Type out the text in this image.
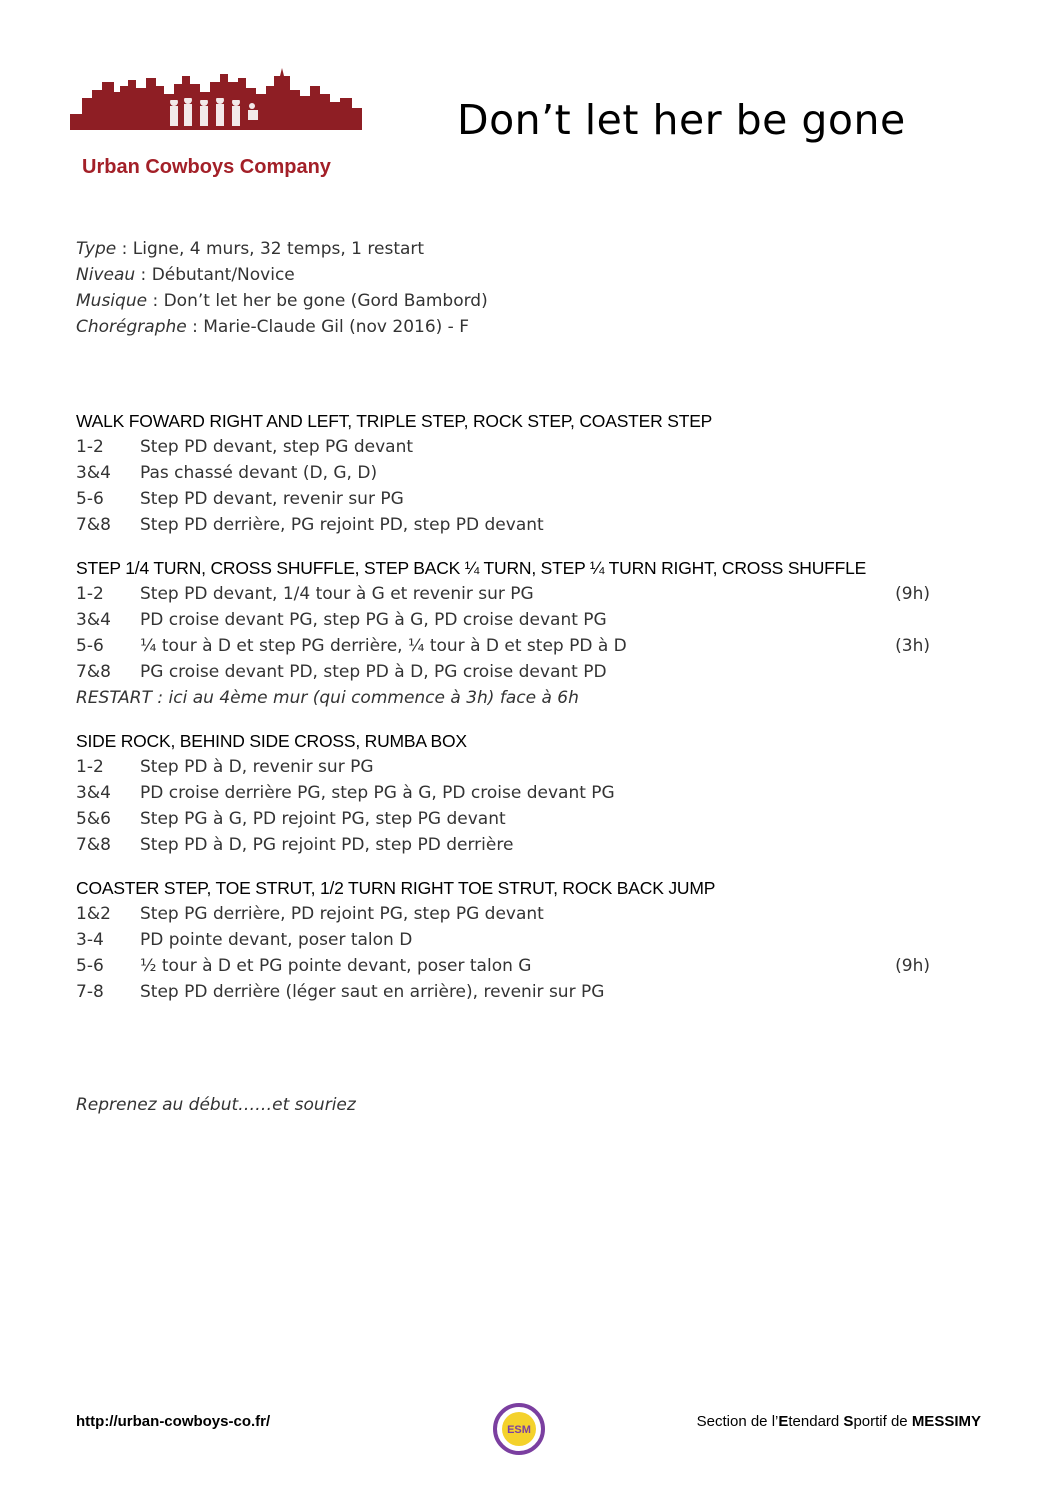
Urban Cowboys Company
Don’t let her be gone
Type : Ligne, 4 murs, 32 temps, 1 restart
Niveau : Débutant/Novice
Musique : Don’t let her be gone (Gord Bambord)
Chorégraphe : Marie-Claude Gil (nov 2016) - F
WALK FOWARD RIGHT AND LEFT, TRIPLE STEP, ROCK STEP, COASTER STEP
1-2	Step PD devant, step PG devant
3&4	Pas chassé devant (D, G, D)
5-6	Step PD devant, revenir sur PG
7&8	Step PD derrière, PG rejoint PD, step PD devant
STEP 1/4 TURN, CROSS SHUFFLE, STEP BACK ¼ TURN, STEP ¼ TURN RIGHT, CROSS SHUFFLE
1-2	Step PD devant, 1/4 tour à G et revenir sur PG	(9h)
3&4	PD croise devant PG, step PG à G, PD croise devant PG
5-6	¼ tour à D et step PG derrière, ¼ tour à D et step PD à D	(3h)
7&8	PG croise devant PD, step PD à D, PG croise devant PD
RESTART : ici au 4ème mur (qui commence à 3h) face à 6h
SIDE ROCK, BEHIND SIDE CROSS, RUMBA BOX
1-2	Step PD à D, revenir sur PG
3&4	PD croise derrière PG, step PG à G, PD croise devant PG
5&6	Step PG à G, PD rejoint PG, step PG devant
7&8	Step PD à D, PG rejoint PD, step PD derrière
COASTER STEP, TOE STRUT, 1/2 TURN RIGHT TOE STRUT, ROCK BACK JUMP
1&2	Step PG derrière, PD rejoint PG, step PG devant
3-4	PD pointe devant, poser talon D
5-6	½ tour à D et PG pointe devant, poser talon G	(9h)
7-8	Step PD derrière (léger saut en arrière), revenir sur PG
Reprenez au début……et souriez
http://urban-cowboys-co.fr/	ESM	Section de l’Etendard Sportif de MESSIMY
